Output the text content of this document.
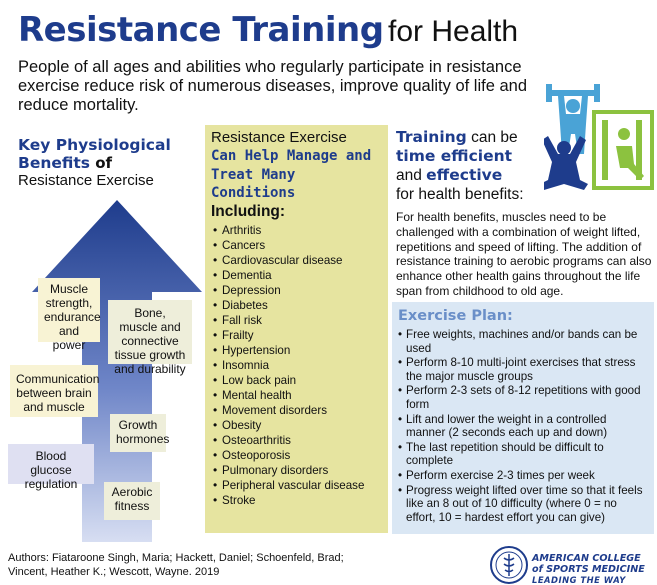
Resistance Training for Health
People of all ages and abilities who regularly participate in resistance exercise reduce risk of numerous diseases, improve quality of life and reduce mortality.
Key Physiological Benefits of
Resistance Exercise
Muscle strength, endurance and power
Bone, muscle and connective tissue growth and durability
Communication between brain and muscle
Growth hormones
Blood glucose regulation
Aerobic fitness
Resistance Exercise
Can Help Manage and Treat Many Conditions
Including:
• Arthritis
• Cancers
• Cardiovascular disease
• Dementia
• Depression
• Diabetes
• Fall risk
• Frailty
• Hypertension
• Insomnia
• Low back pain
• Mental health
• Movement disorders
• Obesity
• Osteoarthritis
• Osteoporosis
• Pulmonary disorders
• Peripheral vascular disease
• Stroke
Training can be
time efficient
and effective
for health benefits:
For health benefits, muscles need to be challenged with a combination of weight lifted, repetitions and speed of lifting. The addition of resistance training to aerobic programs can also enhance other health gains throughout the life span from childhood to old age.
Exercise Plan:
• Free weights, machines and/or bands can be used
• Perform 8-10 multi-joint exercises that stress the major muscle groups
• Perform 2-3 sets of 8-12 repetitions with good form
• Lift and lower the weight in a controlled manner (2 seconds each up and down)
• The last repetition should be difficult to complete
• Perform exercise 2-3 times per week
• Progress weight lifted over time so that it feels like an 8 out of 10 difficulty (where 0 = no effort, 10 = hardest effort you can give)
Authors: Fiataroone Singh, Maria; Hackett, Daniel; Schoenfeld, Brad;
Vincent, Heather K.; Wescott, Wayne. 2019
AMERICAN COLLEGE
of SPORTS MEDICINE
LEADING THE WAY
